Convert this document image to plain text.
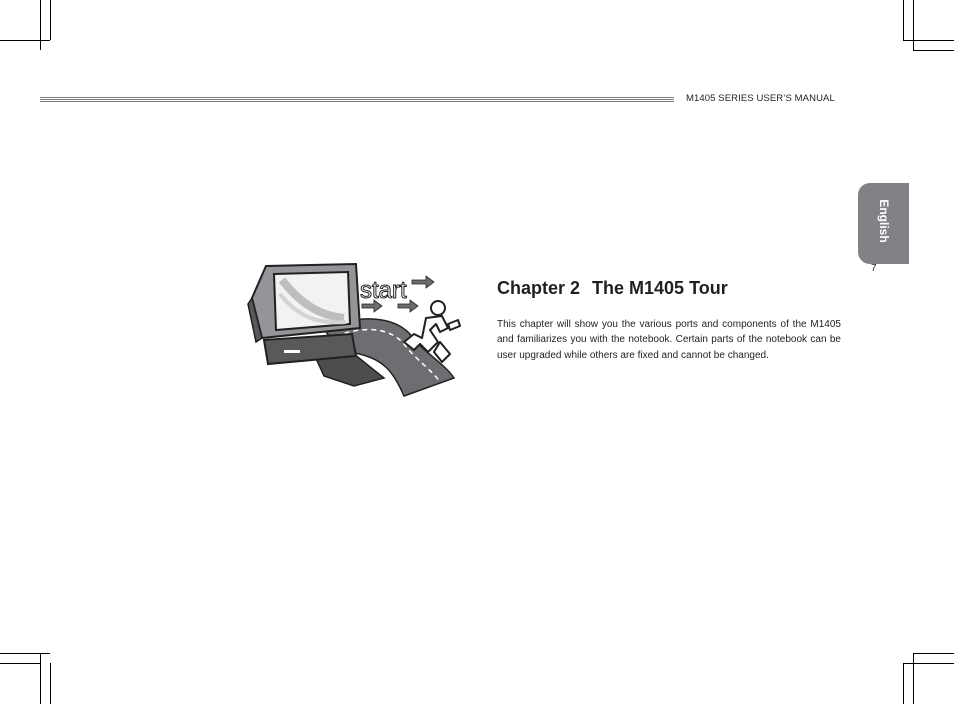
M1405 SERIES USER’S MANUAL
English
7
start	Chapter 2 The M1405 Tour
This chapter will show you the various ports and components of the M1405 and familiarizes you with the notebook. Certain parts of the notebook can be user upgraded while others are fixed and cannot be changed.
